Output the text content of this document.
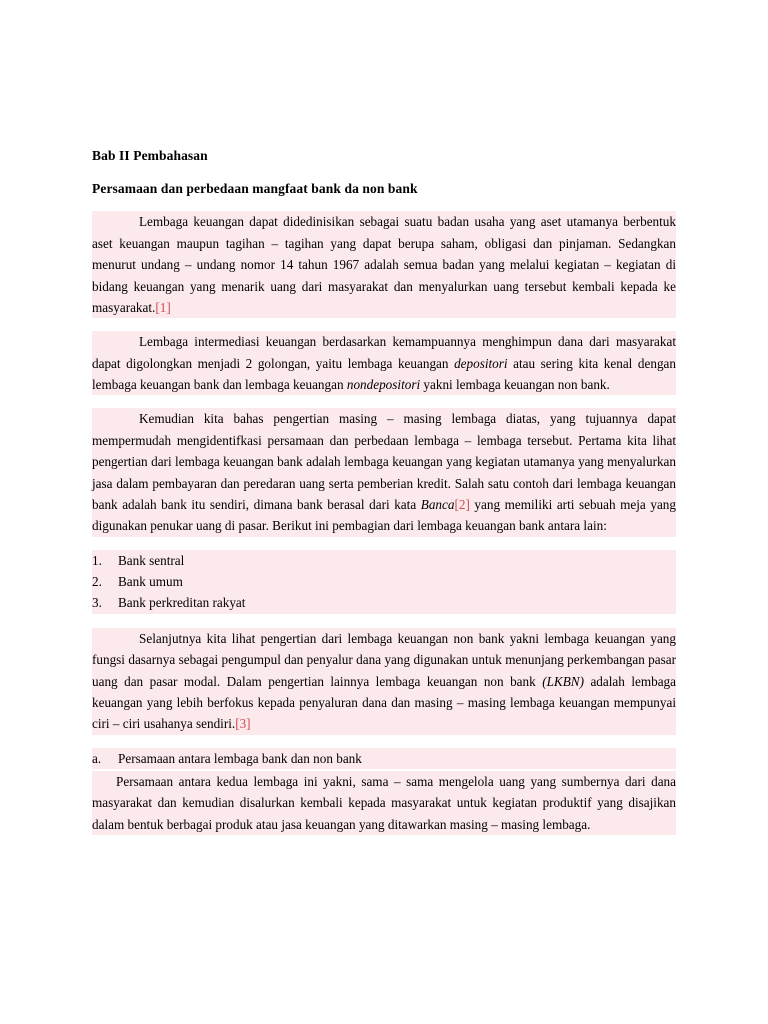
Bab II Pembahasan
Persamaan dan perbedaan mangfaat bank da non bank

Lembaga keuangan dapat didedinisikan sebagai suatu badan usaha yang aset utamanya berbentuk aset keuangan maupun tagihan – tagihan yang dapat berupa saham, obligasi dan pinjaman. Sedangkan menurut undang – undang nomor 14 tahun 1967 adalah semua badan yang melalui kegiatan – kegiatan di bidang keuangan yang menarik uang dari masyarakat dan menyalurkan uang tersebut kembali kepada ke masyarakat.[1]

Lembaga intermediasi keuangan berdasarkan kemampuannya menghimpun dana dari masyarakat dapat digolongkan menjadi 2 golongan, yaitu lembaga keuangan depositori atau sering kita kenal dengan lembaga keuangan bank dan lembaga keuangan nondepositori yakni lembaga keuangan non bank.

Kemudian kita bahas pengertian masing – masing lembaga diatas, yang tujuannya dapat mempermudah mengidentifkasi persamaan dan perbedaan lembaga – lembaga tersebut. Pertama kita lihat pengertian dari lembaga keuangan bank adalah lembaga keuangan yang kegiatan utamanya yang menyalurkan jasa dalam pembayaran dan peredaran uang serta pemberian kredit. Salah satu contoh dari lembaga keuangan bank adalah bank itu sendiri, dimana bank berasal dari kata Banca[2] yang memiliki arti sebuah meja yang digunakan penukar uang di pasar. Berikut ini pembagian dari lembaga keuangan bank antara lain:

1. Bank sentral
2. Bank umum
3. Bank perkreditan rakyat

Selanjutnya kita lihat pengertian dari lembaga keuangan non bank yakni lembaga keuangan yang fungsi dasarnya sebagai pengumpul dan penyalur dana yang digunakan untuk menunjang perkembangan pasar uang dan pasar modal. Dalam pengertian lainnya lembaga keuangan non bank (LKBN) adalah lembaga keuangan yang lebih berfokus kepada penyaluran dana dan masing – masing lembaga keuangan mempunyai ciri – ciri usahanya sendiri.[3]

a. Persamaan antara lembaga bank dan non bank

Persamaan antara kedua lembaga ini yakni, sama – sama mengelola uang yang sumbernya dari dana masyarakat dan kemudian disalurkan kembali kepada masyarakat untuk kegiatan produktif yang disajikan dalam bentuk berbagai produk atau jasa keuangan yang ditawarkan masing – masing lembaga.
